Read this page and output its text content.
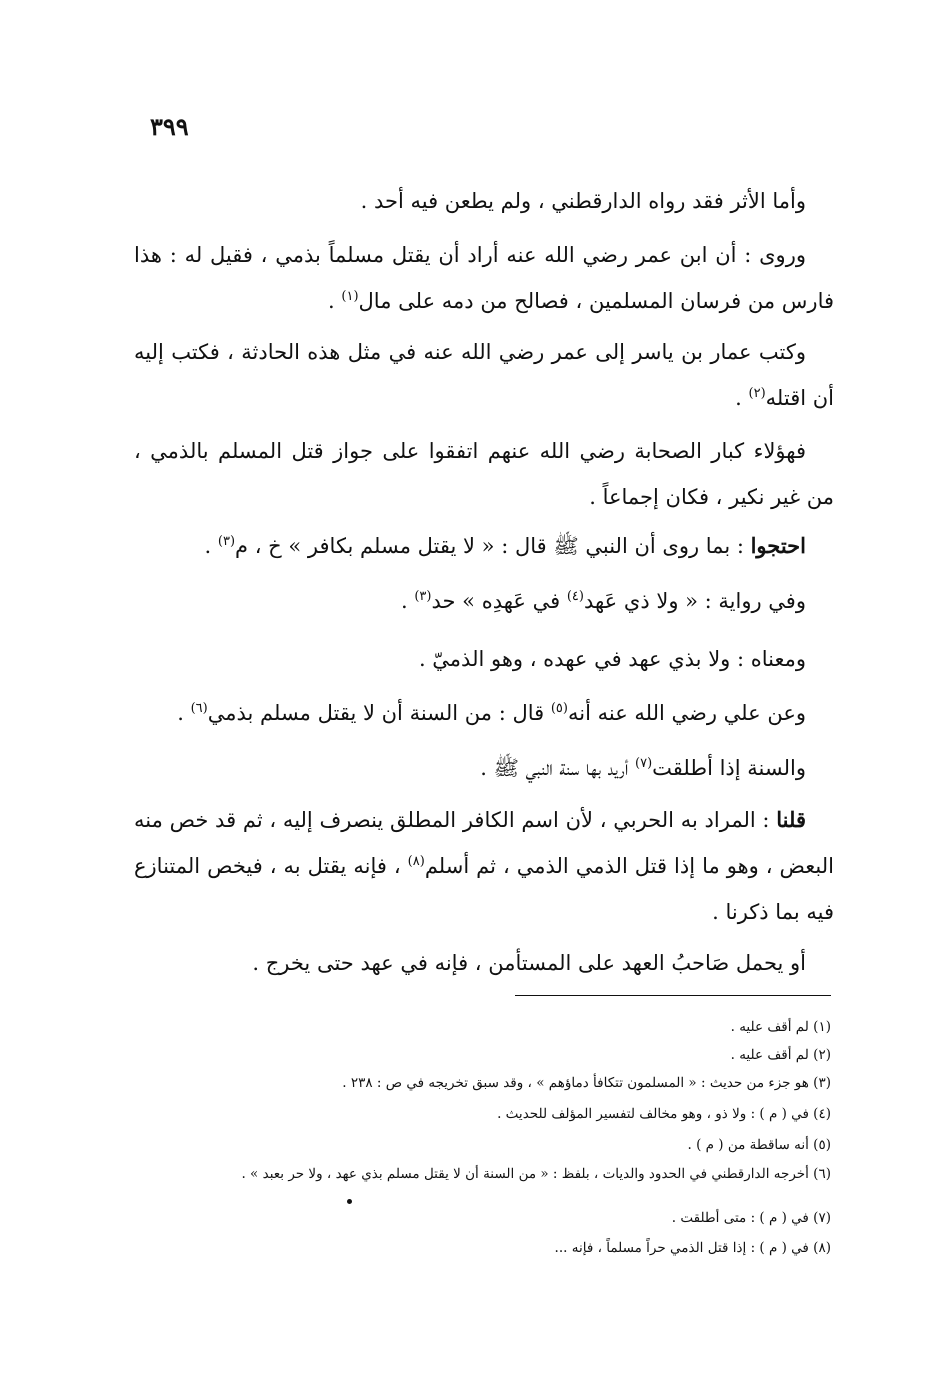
٣٩٩
وأما الأثر فقد رواه الدارقطني ، ولم يطعن فيه أحد .
وروى : أن ابن عمر رضي الله عنه أراد أن يقتل مسلماً بذمي ، فقيل له : هذا فارس من فرسان المسلمين ، فصالح من دمه على مال$^{(١)}$ .
وكتب عمار بن ياسر إلى عمر رضي الله عنه في مثل هذه الحادثة ، فكتب إليه أن اقتله$^{(٢)}$ .
فهؤلاء كبار الصحابة رضي الله عنهم اتفقوا على جواز قتل المسلم بالذمي ، من غير نكير ، فكان إجماعاً .
احتجوا : بما روى أن النبي ﷺ قال : « لا يقتل مسلم بكافر » خ ، م$^{(٣)}$ .
وفي رواية : « ولا ذي عَهد$^{(٤)}$ في عَهدِه » حد$^{(٣)}$ .
ومعناه : ولا بذي عهد في عهده ، وهو الذميّ .
وعن علي رضي الله عنه أنه$^{(٥)}$ قال : من السنة أن لا يقتل مسلم بذمي$^{(٦)}$ .
والسنة إذا أطلقت$^{(٧)}$ أريد بها سنة النبي ﷺ .
قلنا : المراد به الحربي ، لأن اسم الكافر المطلق ينصرف إليه ، ثم قد خص منه البعض ، وهو ما إذا قتل الذمي الذمي ، ثم أسلم$^{(٨)}$ ، فإنه يقتل به ، فيخص المتنازع فيه بما ذكرنا .
أو يحمل صَاحبُ العهد على المستأمن ، فإنه في عهد حتى يخرج .
(١) لم أقف عليه .
(٢) لم أقف عليه .
(٣) هو جزء من حديث : « المسلمون تتكافأ دماؤهم » ، وقد سبق تخريجه في ص : ٢٣٨ .
(٤) في ( م ) : ولا ذو ، وهو مخالف لتفسير المؤلف للحديث .
(٥) أنه ساقطة من ( م ) .
(٦) أخرجه الدارقطني في الحدود والديات ، بلفظ : « من السنة أن لا يقتل مسلم بذي عهد ، ولا حر بعبد » .
(٧) في ( م ) : متى أطلقت .
(٨) في ( م ) : إذا قتل الذمي حراً مسلماً ، فإنه ...
